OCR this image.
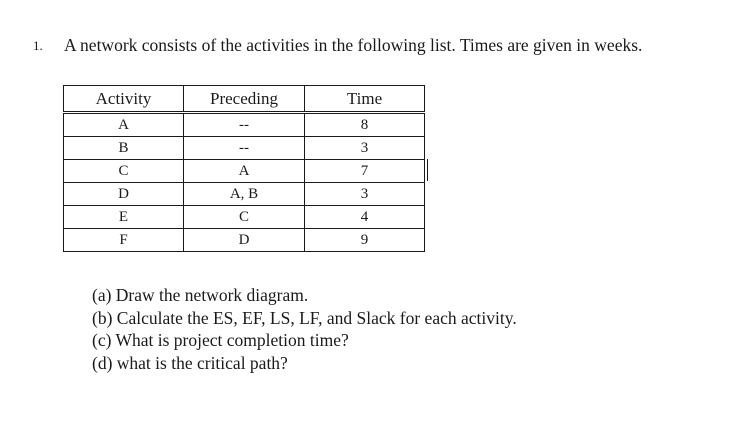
1. A network consists of the activities in the following list. Times are given in weeks.
Activity	Preceding	Time
A	--	8
B	--	3
C	A	7
D	A, B	3
E	C	4
F	D	9
(a) Draw the network diagram.
(b) Calculate the ES, EF, LS, LF, and Slack for each activity.
(c) What is project completion time?
(d) what is the critical path?
